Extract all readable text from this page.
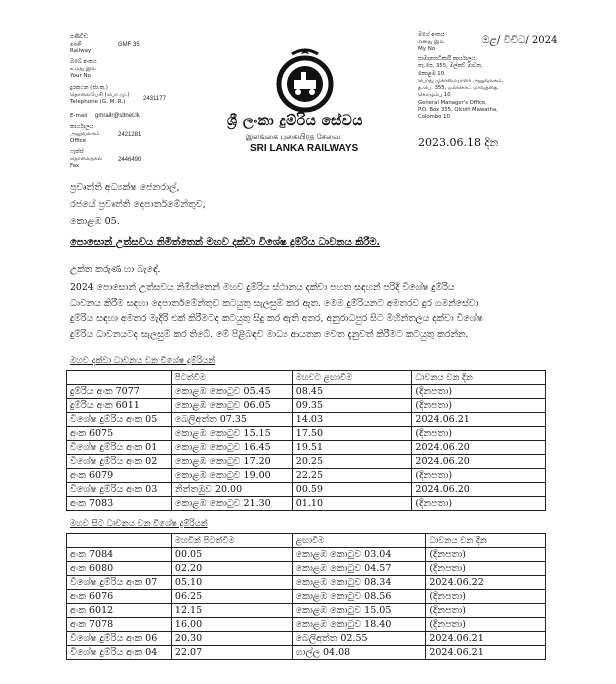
පණිවිඩ
தந்தி
Railway
GMF 35
ඔබේ අංකය
உமது இல
Your No
දුරකථන (ජා.ක.)
தொலைபேசி (பொ.மு.)
Telephone (G. M. R.)	2431177
E-mail gmrailr@sltnet.lk
කාර්යාලය
அலுவலகம்
Office
2421281
ෆැක්ස්
தொலைநகல்
Fax
2446490
ශ්‍රී ලංකා දුම්රිය සේවය
இலங்கை புகையிரத சேவை
SRI LANKA RAILWAYS
මගේ අංකය
எனது இல
My No
ඔළ/ විචිධ/ 2024
සාමාන්‍යාධිකාරී කාර්යාලය,
තැ.පෙ. 355, ඔල්කට් මාවත,
කොළඹ 10.
பொது முகாமையாளர் அலுவலகம்,
த.பெ. 355, ஒல்கொட் மாவத்தை,
கொழும்பு 10
General Manager's Office,
P.O. Box 355, Olcott Mawatha,
Colombo 10
2023.06.18 දින
ප්‍රවෘත්ති අධ්‍යක්ෂ ජෙනරාල්,
රජයේ ප්‍රවෘත්ති දෙපාර්තමේන්තුව,
කොළඹ 05.
පොසොන් උත්සවය නිමිත්තෙන් මහව දක්වා විශේෂ දුම්රිය ධාවනය කිරීම.
උක්ත කරුණ හා බැඳේ.
2024 පොසොන් උත්සවය නිමිත්තෙන් මහව දුම්රිය ස්ථානය දක්වා පහත සඳහන් පරිදි විශේෂ දුම්රිය
ධාවනය කිරීම සඳහා දෙපාර්තමේන්තුව කටයුතු සැලසුම් කර ඇත. මෙම දුම්රියනට අමතරව දුර ගමන්සේවා
දුම්රිය සඳහා අමතර මැදිරි එක් කිරීමටද කටයුතු සිදු කර ඇති අතර, අනුරාධපුර සිට මිහින්තලය දක්වා විශේෂ
දුම්රිය ධාවනයටද සැලසුම් කර තිබේ. මේ පිළිබඳව මාධ්‍ය ආයතන වෙත දැනුවත් කිරීමට කටයුතු කරන්න.
මහව දක්වා ධාවනය වන විශේෂ දුම්රියන්
	පිටත්වීම	මහවට ළඟාවීම	ධාවනය වන දින
දුම්රිය අංක 7077	කොළඹ කොටුව 05.45	08.45	(දිනපතා)
දුම්රිය අංක 6011	කොළඹ කොටුව 06.05	09.35	(දිනපතා)
විශේෂ දුම්රිය අංක 05	බෙලිඅත්ත 07.35	14.03	2024.06.21
අංක 6075	කොළඹ කොටුව 15.15	17.50	(දිනපතා)
විශේෂ දුම්රිය අංක 01	කොළඹ කොටුව 16.45	19.51	2024.06.20
විශේෂ දුම්රිය අංක 02	කොළඹ කොටුව 17.20	20.25	2024.06.20
අංක 6079	කොළඹ කොටුව 19.00	22.25	(දිනපතා)
විශේෂ දුම්රිය අංක 03	නිත්තඹුව 20.00	00.59	2024.06.20
අංක 7083	කොළඹ කොටුව 21.30	01.10	(දිනපතා)
මහව සිට ධාවනය වන විශේෂ දුම්රියන්
	මහවින් පිටත්වීම	ළඟාවීම	ධාවනය වන දින
අංක 7084	00.05	කොළඹ කොටුව 03.04	(දිනපතා)
අංක 6080	02.20	කොළඹ කොටුව 04.57	(දිනපතා)
විශේෂ දුම්රිය අංක 07	05.10	කොළඹ කොටුව 08.34	2024.06.22
අංක 6076	06.25	කොළඹ කොටුව 08.56	(දිනපතා)
අංක 6012	12.15	කොළඹ කොටුව 15.05	(දිනපතා)
අංක 7078	16.00	කොළඹ කොටුව 18.40	(දිනපතා)
විශේෂ දුම්රිය අංක 06	20.30	බෙලිඅත්ත 02.55	2024.06.21
විශේෂ දුම්රිය අංක 04	22.07	ගාල්ල 04.08	2024.06.21
